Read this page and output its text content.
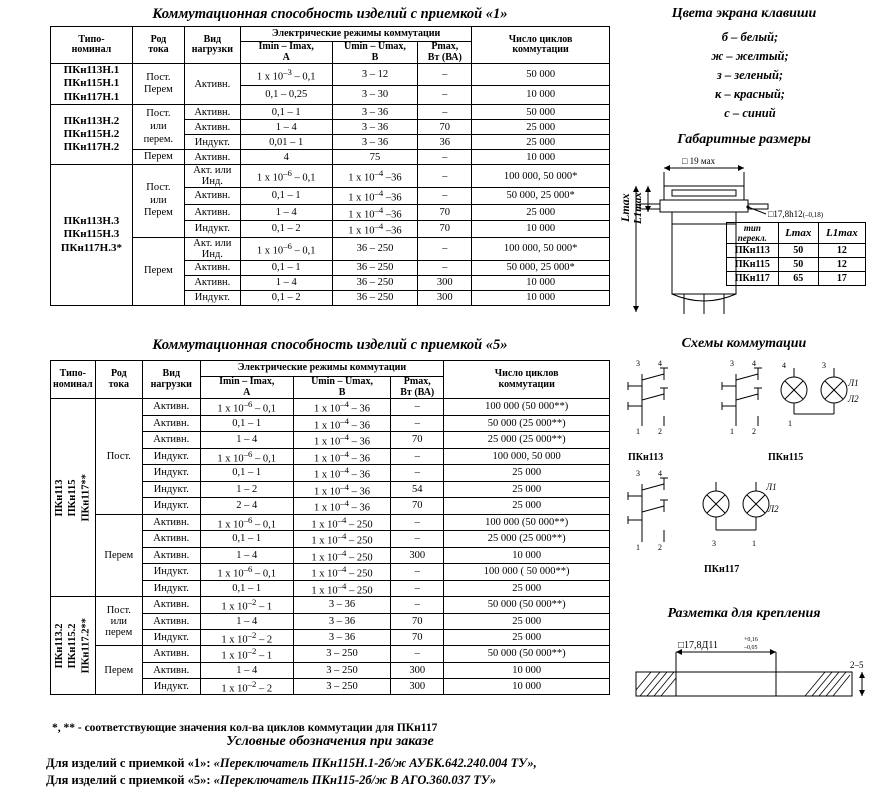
Коммутационная способность изделий с приемкой «1»
Типо-
номинал	Род
тока	Вид
нагрузки	Электрические режимы коммутации			Число циклов
коммутации
			Imin – Imax,
А	Umin – Umax,
В	Pmax,
Вт (ВА)	
ПКн113Н.1
ПКн115Н.1
ПКн117Н.1	Пост.
Перем	Активн.	1 х $10^{-3} - 0,1$	3 – 12	–	50 000
			0,1 – 0,25	3 – 30	–	10 000
ПКн113Н.2
ПКн115Н.2
ПКн117Н.2	Пост.
или
перем.	Активн.	0,1 – 1	3 – 36	–	50 000
		Активн.	1 – 4	3 – 36	70	25 000
		Индукт.	0,01 – 1	3 – 36	36	25 000
	Перем	Активн.	4	75	–	10 000
ПКн113Н.3
ПКн115Н.3
ПКн117Н.3*	Пост.
или
Перем	Акт. или
Инд.	1 х $10^{-6} - 0,1$	1 х $10^{-4}$ –36	–	100 000, 50 000*
		Активн.	0,1 – 1	1 х $10^{-4}$ –36	–	50 000, 25 000*
		Активн.	1 – 4	1 х $10^{-4}$ –36	70	25 000
		Индукт.	0,1 – 2	1 х $10^{-4}$ –36	70	10 000
	Перем	Акт. или
Инд.	1 х $10^{-6} - 0,1$	36 – 250	–	100 000, 50 000*
		Активн.	0,1 – 1	36 – 250	–	50 000, 25 000*
		Активн.	1 – 4	36 – 250	300	10 000
		Индукт.	0,1 – 2	36 – 250	300	10 000
Коммутационная способность изделий с приемкой «5»
Типо-
номинал	Род
тока	Вид
нагрузки	Электрические режимы коммутации			Число циклов
коммутации
			Imin – Imax,
А	Umin – Umax,
В	Pmax,
Вт (ВА)	

ПКн113 ПКн115 ПКн117**	Пост.	Активн.	1 х $10^{-6} - 0,1$	1 х $10^{-4} - 36$	–	100 000 (50 000**)
		Активн.	0,1 – 1	1 х $10^{-4} - 36$	–	50 000 (25 000**)
		Активн.	1 – 4	1 х $10^{-4} - 36$	70	25 000 (25 000**)
		Индукт.	1 х $10^{-6} - 0,1$	1 х $10^{-4} - 36$	–	100 000, 50 000
		Индукт.	0,1 – 1	1 х $10^{-4} - 36$	–	25 000
		Индукт.	1 – 2	1 х $10^{-4} - 36$	54	25 000
		Индукт.	2 – 4	1 х $10^{-4} - 36$	70	25 000
	Перем	Активн.	1 х $10^{-6} - 0,1$	1 х $10^{-4} - 250$	–	100 000 (50 000**)
		Активн.	0,1 – 1	1 х $10^{-4} - 250$	–	25 000 (25 000**)
		Активн.	1 – 4	1 х $10^{-4} - 250$	300	10 000
		Индукт.	1 х $10^{-6} - 0,1$	1 х $10^{-4} - 250$	–	100 000 ( 50 000**)
		Индукт.	0,1 – 1	1 х $10^{-4} - 250$	–	25 000

ПКн113.2 ПКн115.2 ПКн117.2**	Пост.
или
перем	Активн.	1 х $10^{-2} - 1$	3 – 36	–	50 000 (50 000**)
		Активн.	1 – 4	3 – 36	70	25 000
		Индукт.	1 х $10^{-2} - 2$	3 – 36	70	25 000
	Перем	Активн.	1 х $10^{-2} - 1$	3 – 250	–	50 000 (50 000**)
		Активн.	1 – 4	3 – 250	300	10 000
		Индукт.	1 х $10^{-2} - 2$	3 – 250	300	10 000
Цвета экрана клавиши
б – белый;
ж – желтый;
з – зеленый;
к – красный;
с – синий
Габаритные размеры
□ 19 мах
□17,8h12(–0,18)
Lmax L1max
тип
перекл.	Lmax	L1max
ПКн113	50	12
ПКн115	50	12
ПКн117	65	17
Схемы коммутации
3 4
1 2
3 4
1 2
4	3
1
ПКн113	ПКн115
3 4
1 2	3	1
Л1
Л2
ПКн117
Л1
Л2
Разметка для крепления
□17,8Д11	+0,16
–0,05
2–5
*, ** - соответствующие значения кол-ва циклов коммутации для ПКн117
Условные обозначения при заказе
Для изделий с приемкой «1»: «Переключатель ПКн115Н.1-2б/ж АУБК.642.240.004 ТУ»,
Для изделий с приемкой «5»: «Переключатель ПКн115-2б/ж В АГО.360.037 ТУ»
